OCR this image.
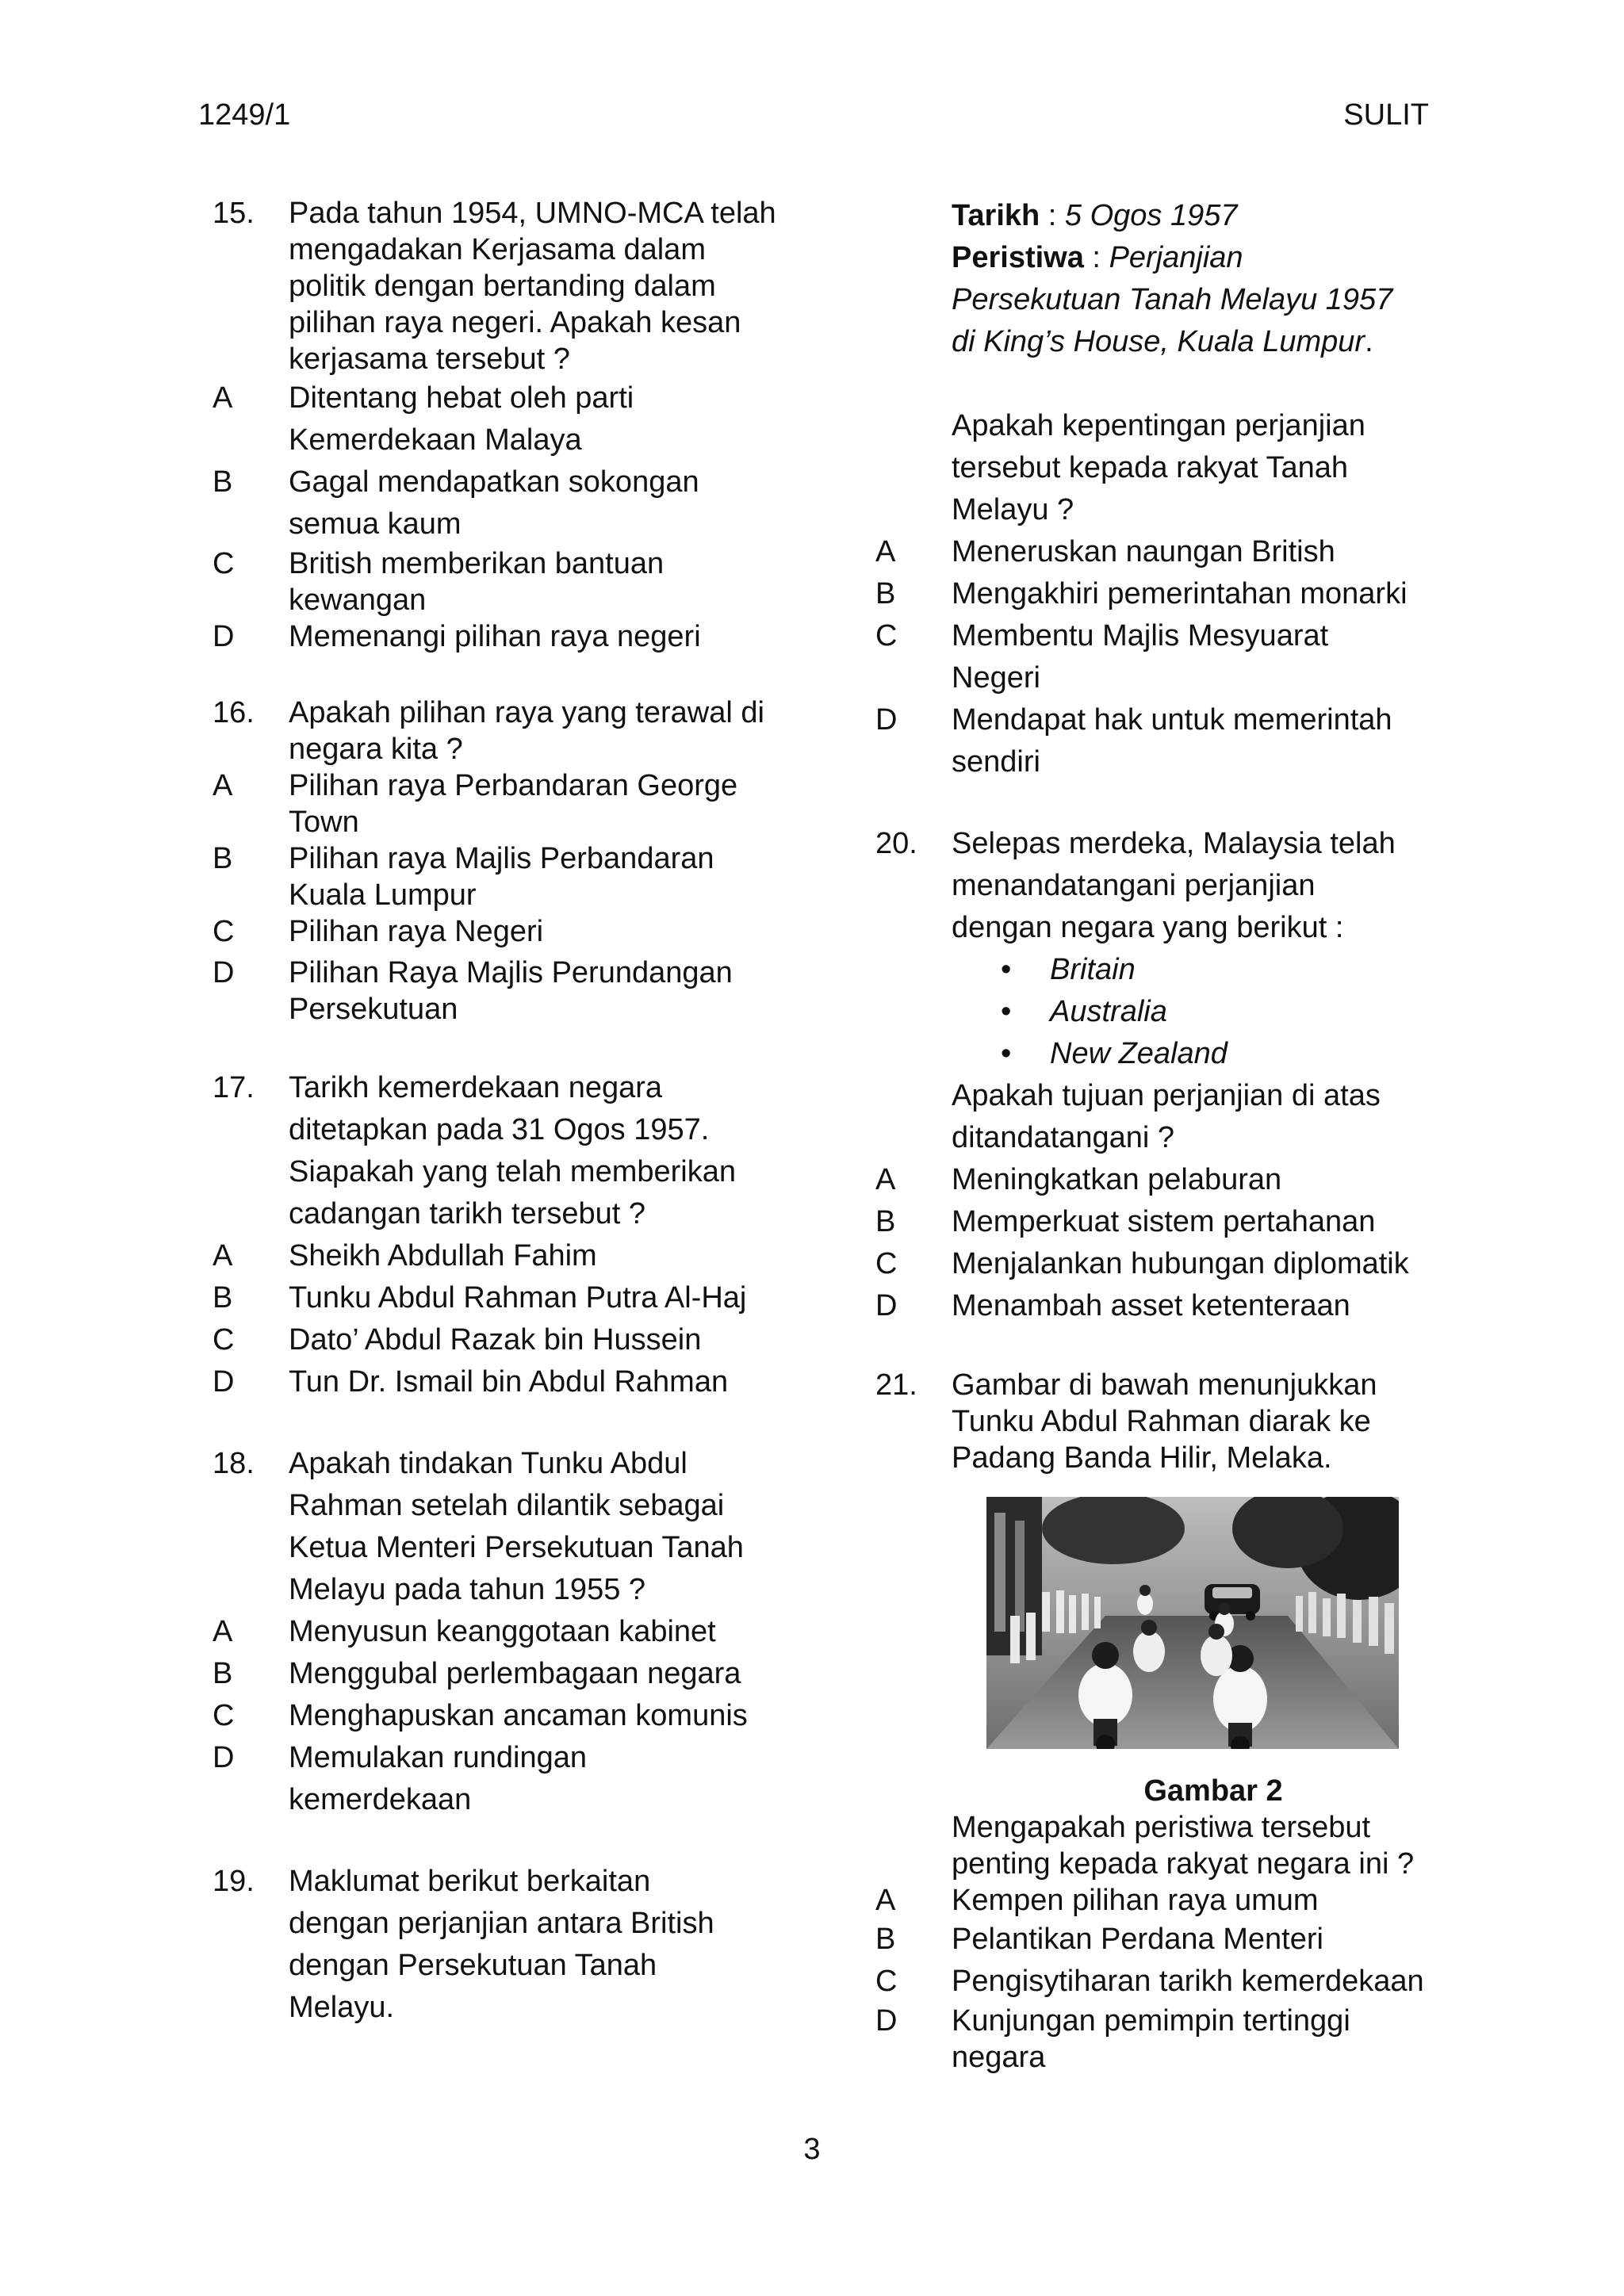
1249/1	SULIT
15.	Pada tahun 1954, UMNO-MCA telah
mengadakan Kerjasama dalam
politik dengan bertanding dalam
pilihan raya negeri. Apakah kesan
kerjasama tersebut ?
A	Ditentang hebat oleh parti
Kemerdekaan Malaya
B	Gagal mendapatkan sokongan
semua kaum
C	British memberikan bantuan
kewangan
D	Memenangi pilihan raya negeri
16.	Apakah pilihan raya yang terawal di
negara kita ?
A	Pilihan raya Perbandaran George
Town
B	Pilihan raya Majlis Perbandaran
Kuala Lumpur
C	Pilihan raya Negeri
D	Pilihan Raya Majlis Perundangan
Persekutuan
17.	Tarikh kemerdekaan negara
ditetapkan pada 31 Ogos 1957.
Siapakah yang telah memberikan
cadangan tarikh tersebut ?
A	Sheikh Abdullah Fahim
B	Tunku Abdul Rahman Putra Al-Haj
C	Dato’ Abdul Razak bin Hussein
D	Tun Dr. Ismail bin Abdul Rahman
18.	Apakah tindakan Tunku Abdul
Rahman setelah dilantik sebagai
Ketua Menteri Persekutuan Tanah
Melayu pada tahun 1955 ?
A	Menyusun keanggotaan kabinet
B	Menggubal perlembagaan negara
C	Menghapuskan ancaman komunis
D	Memulakan rundingan
kemerdekaan
19.	Maklumat berikut berkaitan
dengan perjanjian antara British
dengan Persekutuan Tanah
Melayu.
Tarikh : 5 Ogos 1957
Peristiwa : Perjanjian
Persekutuan Tanah Melayu 1957
di King’s House, Kuala Lumpur.
Apakah kepentingan perjanjian
tersebut kepada rakyat Tanah
Melayu ?
A	Meneruskan naungan British
B	Mengakhiri pemerintahan monarki
C	Membentu Majlis Mesyuarat
Negeri
D	Mendapat hak untuk memerintah
sendiri
20.	Selepas merdeka, Malaysia telah
menandatangani perjanjian
dengan negara yang berikut :
• Britain
• Australia
• New Zealand
Apakah tujuan perjanjian di atas
ditandatangani ?
A	Meningkatkan pelaburan
B	Memperkuat sistem pertahanan
C	Menjalankan hubungan diplomatik
D	Menambah asset ketenteraan
21.	Gambar di bawah menunjukkan
Tunku Abdul Rahman diarak ke
Padang Banda Hilir, Melaka.
Gambar 2
Mengapakah peristiwa tersebut
penting kepada rakyat negara ini ?
A	Kempen pilihan raya umum
B	Pelantikan Perdana Menteri
C	Pengisytiharan tarikh kemerdekaan
D	Kunjungan pemimpin tertinggi
negara
3
